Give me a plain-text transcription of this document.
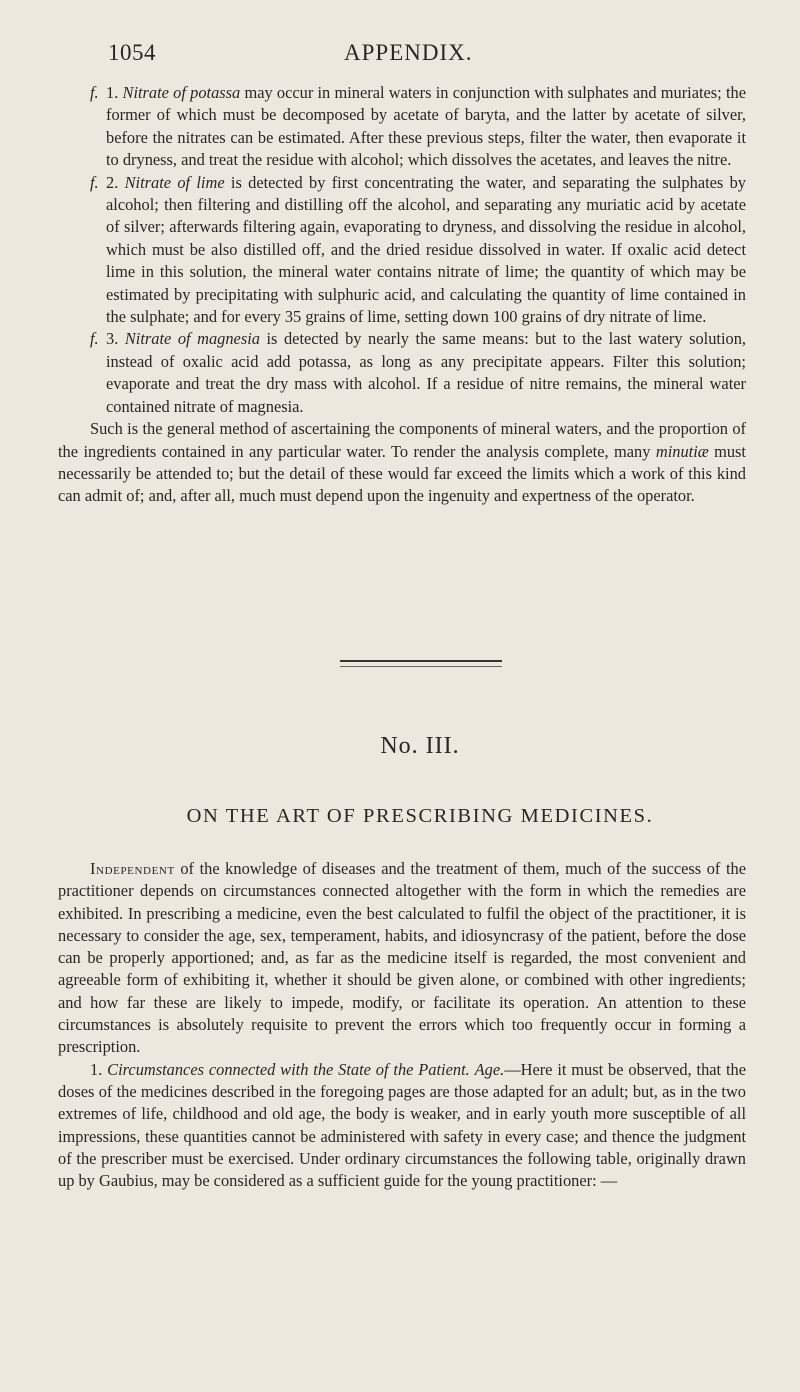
1054	APPENDIX.

f. 1. Nitrate of potassa may occur in mineral waters in conjunction with sulphates and muriates; the former of which must be decomposed by acetate of baryta, and the latter by acetate of silver, before the nitrates can be estimated. After these previous steps, filter the water, then evaporate it to dryness, and treat the residue with alcohol; which dissolves the acetates, and leaves the nitre.

f. 2. Nitrate of lime is detected by first concentrating the water, and separating the sulphates by alcohol; then filtering and distilling off the alcohol, and separating any muriatic acid by acetate of silver; afterwards filtering again, evaporating to dryness, and dissolving the residue in alcohol, which must be also distilled off, and the dried residue dissolved in water. If oxalic acid detect lime in this solution, the mineral water contains nitrate of lime; the quantity of which may be estimated by precipitating with sulphuric acid, and calculating the quantity of lime contained in the sulphate; and for every 35 grains of lime, setting down 100 grains of dry nitrate of lime.

f. 3. Nitrate of magnesia is detected by nearly the same means: but to the last watery solution, instead of oxalic acid add potassa, as long as any precipitate appears. Filter this solution; evaporate and treat the dry mass with alcohol. If a residue of nitre remains, the mineral water contained nitrate of magnesia.

Such is the general method of ascertaining the components of mineral waters, and the proportion of the ingredients contained in any particular water. To render the analysis complete, many minutiæ must necessarily be attended to; but the detail of these would far exceed the limits which a work of this kind can admit of; and, after all, much must depend upon the ingenuity and expertness of the operator.

No. III.
ON THE ART OF PRESCRIBING MEDICINES.

Independent of the knowledge of diseases and the treatment of them, much of the success of the practitioner depends on circumstances connected altogether with the form in which the remedies are exhibited. In prescribing a medicine, even the best calculated to fulfil the object of the practitioner, it is necessary to consider the age, sex, temperament, habits, and idiosyncrasy of the patient, before the dose can be properly apportioned; and, as far as the medicine itself is regarded, the most convenient and agreeable form of exhibiting it, whether it should be given alone, or combined with other ingredients; and how far these are likely to impede, modify, or facilitate its operation. An attention to these circumstances is absolutely requisite to prevent the errors which too frequently occur in forming a prescription.

1. Circumstances connected with the State of the Patient. Age.—Here it must be observed, that the doses of the medicines described in the foregoing pages are those adapted for an adult; but, as in the two extremes of life, childhood and old age, the body is weaker, and in early youth more susceptible of all impressions, these quantities cannot be administered with safety in every case; and thence the judgment of the prescriber must be exercised. Under ordinary circumstances the following table, originally drawn up by Gaubius, may be considered as a sufficient guide for the young practitioner: —
